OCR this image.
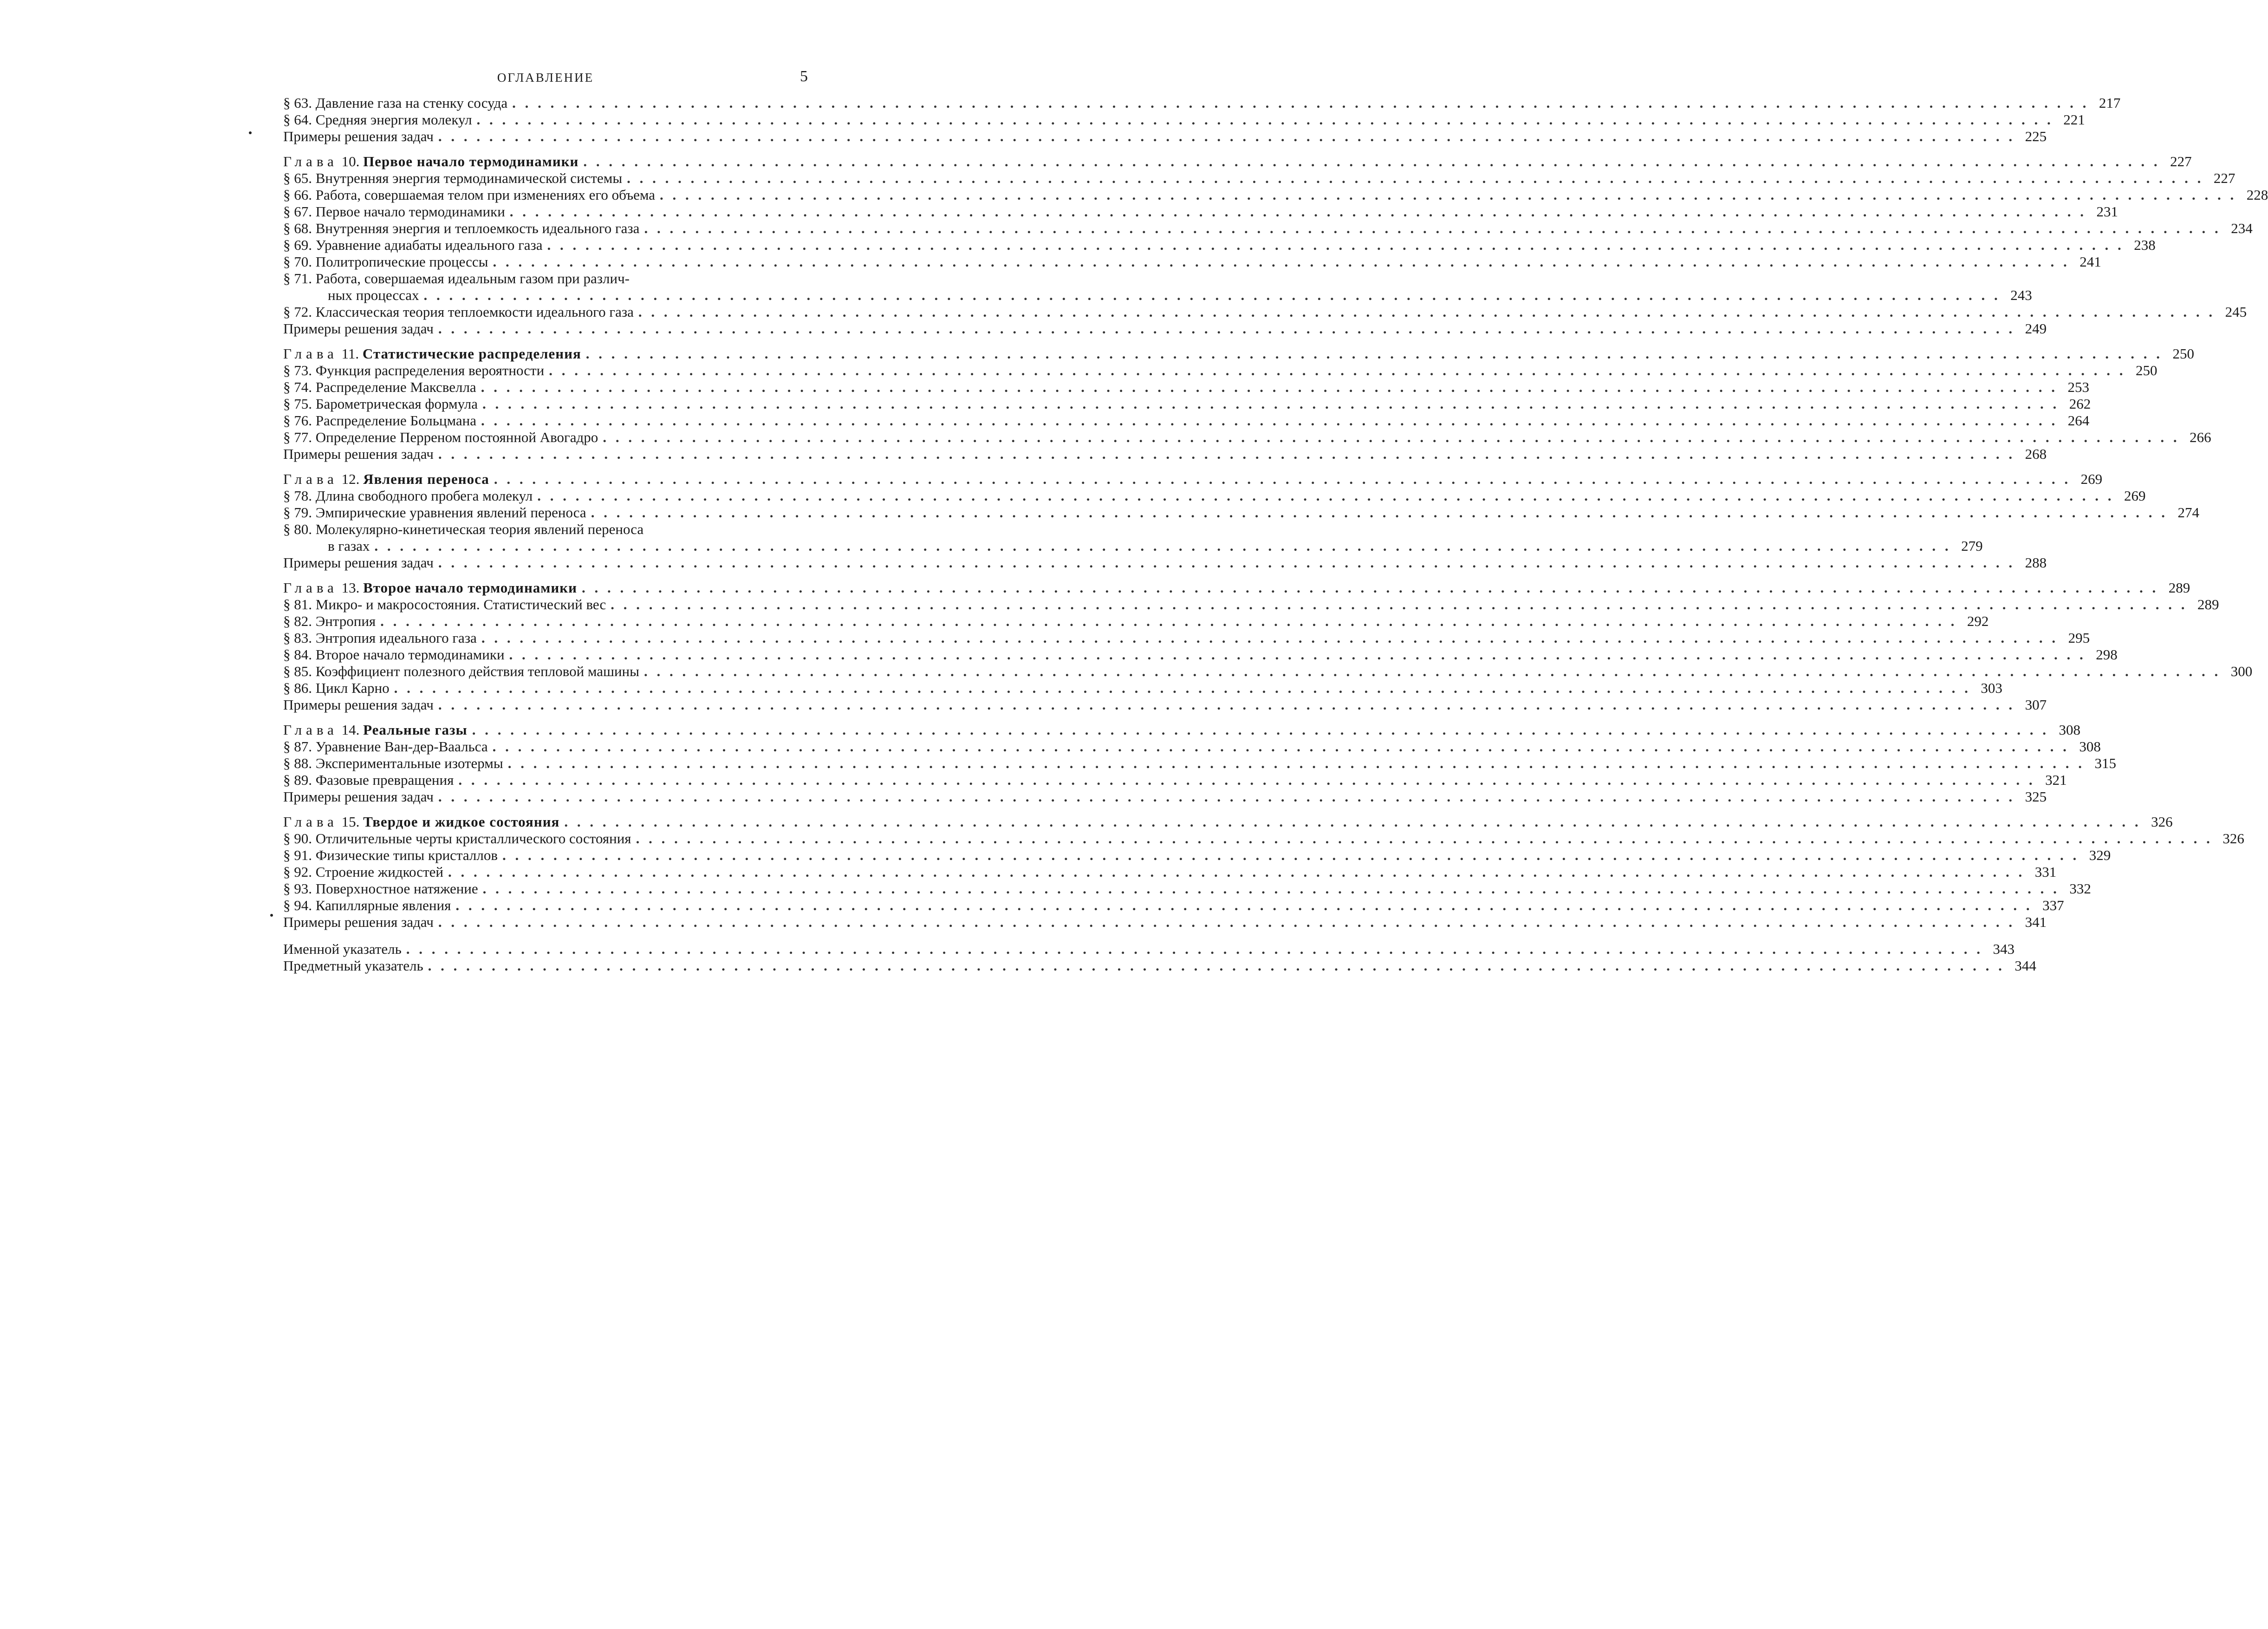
ОГЛАВЛЕНИЕ	5
§ 63. Давление газа на стенку сосуда . . .	217
§ 64. Средняя энергия молекул . . .	221
Примеры решения задач . . .	225
Глава 10. Первое начало термодинамики . . .	227
§ 65. Внутренняя энергия термодинамической системы . . .	227
§ 66. Работа, совершаемая телом при изменениях его объема . . .	228
§ 67. Первое начало термодинамики . . .	231
§ 68. Внутренняя энергия и теплоемкость идеального газа . . .	234
§ 69. Уравнение адиабаты идеального газа . . .	238
§ 70. Политропические процессы . . .	241
§ 71. Работа, совершаемая идеальным газом при различ-
ных процессах . . .	243
§ 72. Классическая теория теплоемкости идеального газа . . .	245
Примеры решения задач . . .	249
Глава 11. Статистические распределения . . .	250
§ 73. Функция распределения вероятности . . .	250
§ 74. Распределение Максвелла . . .	253
§ 75. Барометрическая формула . . .	262
§ 76. Распределение Больцмана . . .	264
§ 77. Определение Перреном постоянной Авогадро . . .	266
Примеры решения задач . . .	268
Глава 12. Явления переноса . . .	269
§ 78. Длина свободного пробега молекул . . .	269
§ 79. Эмпирические уравнения явлений переноса . . .	274
§ 80. Молекулярно-кинетическая теория явлений переноса
в газах . . .	279
Примеры решения задач . . .	288
Глава 13. Второе начало термодинамики . . .	289
§ 81. Микро- и макросостояния. Статистический вес . . .	289
§ 82. Энтропия . . .	292
§ 83. Энтропия идеального газа . . .	295
§ 84. Второе начало термодинамики . . .	298
§ 85. Коэффициент полезного действия тепловой машины . . .	300
§ 86. Цикл Карно . . .	303
Примеры решения задач . . .	307
Глава 14. Реальные газы . . .	308
§ 87. Уравнение Ван-дер-Ваальса . . .	308
§ 88. Экспериментальные изотермы . . .	315
§ 89. Фазовые превращения . . .	321
Примеры решения задач . . .	325
Глава 15. Твердое и жидкое состояния . . .	326
§ 90. Отличительные черты кристаллического состояния . . .	326
§ 91. Физические типы кристаллов . . .	329
§ 92. Строение жидкостей . . .	331
§ 93. Поверхностное натяжение . . .	332
§ 94. Капиллярные явления . . .	337
Примеры решения задач . . .	341
Именной указатель . . .	343
Предметный указатель . . .	344
